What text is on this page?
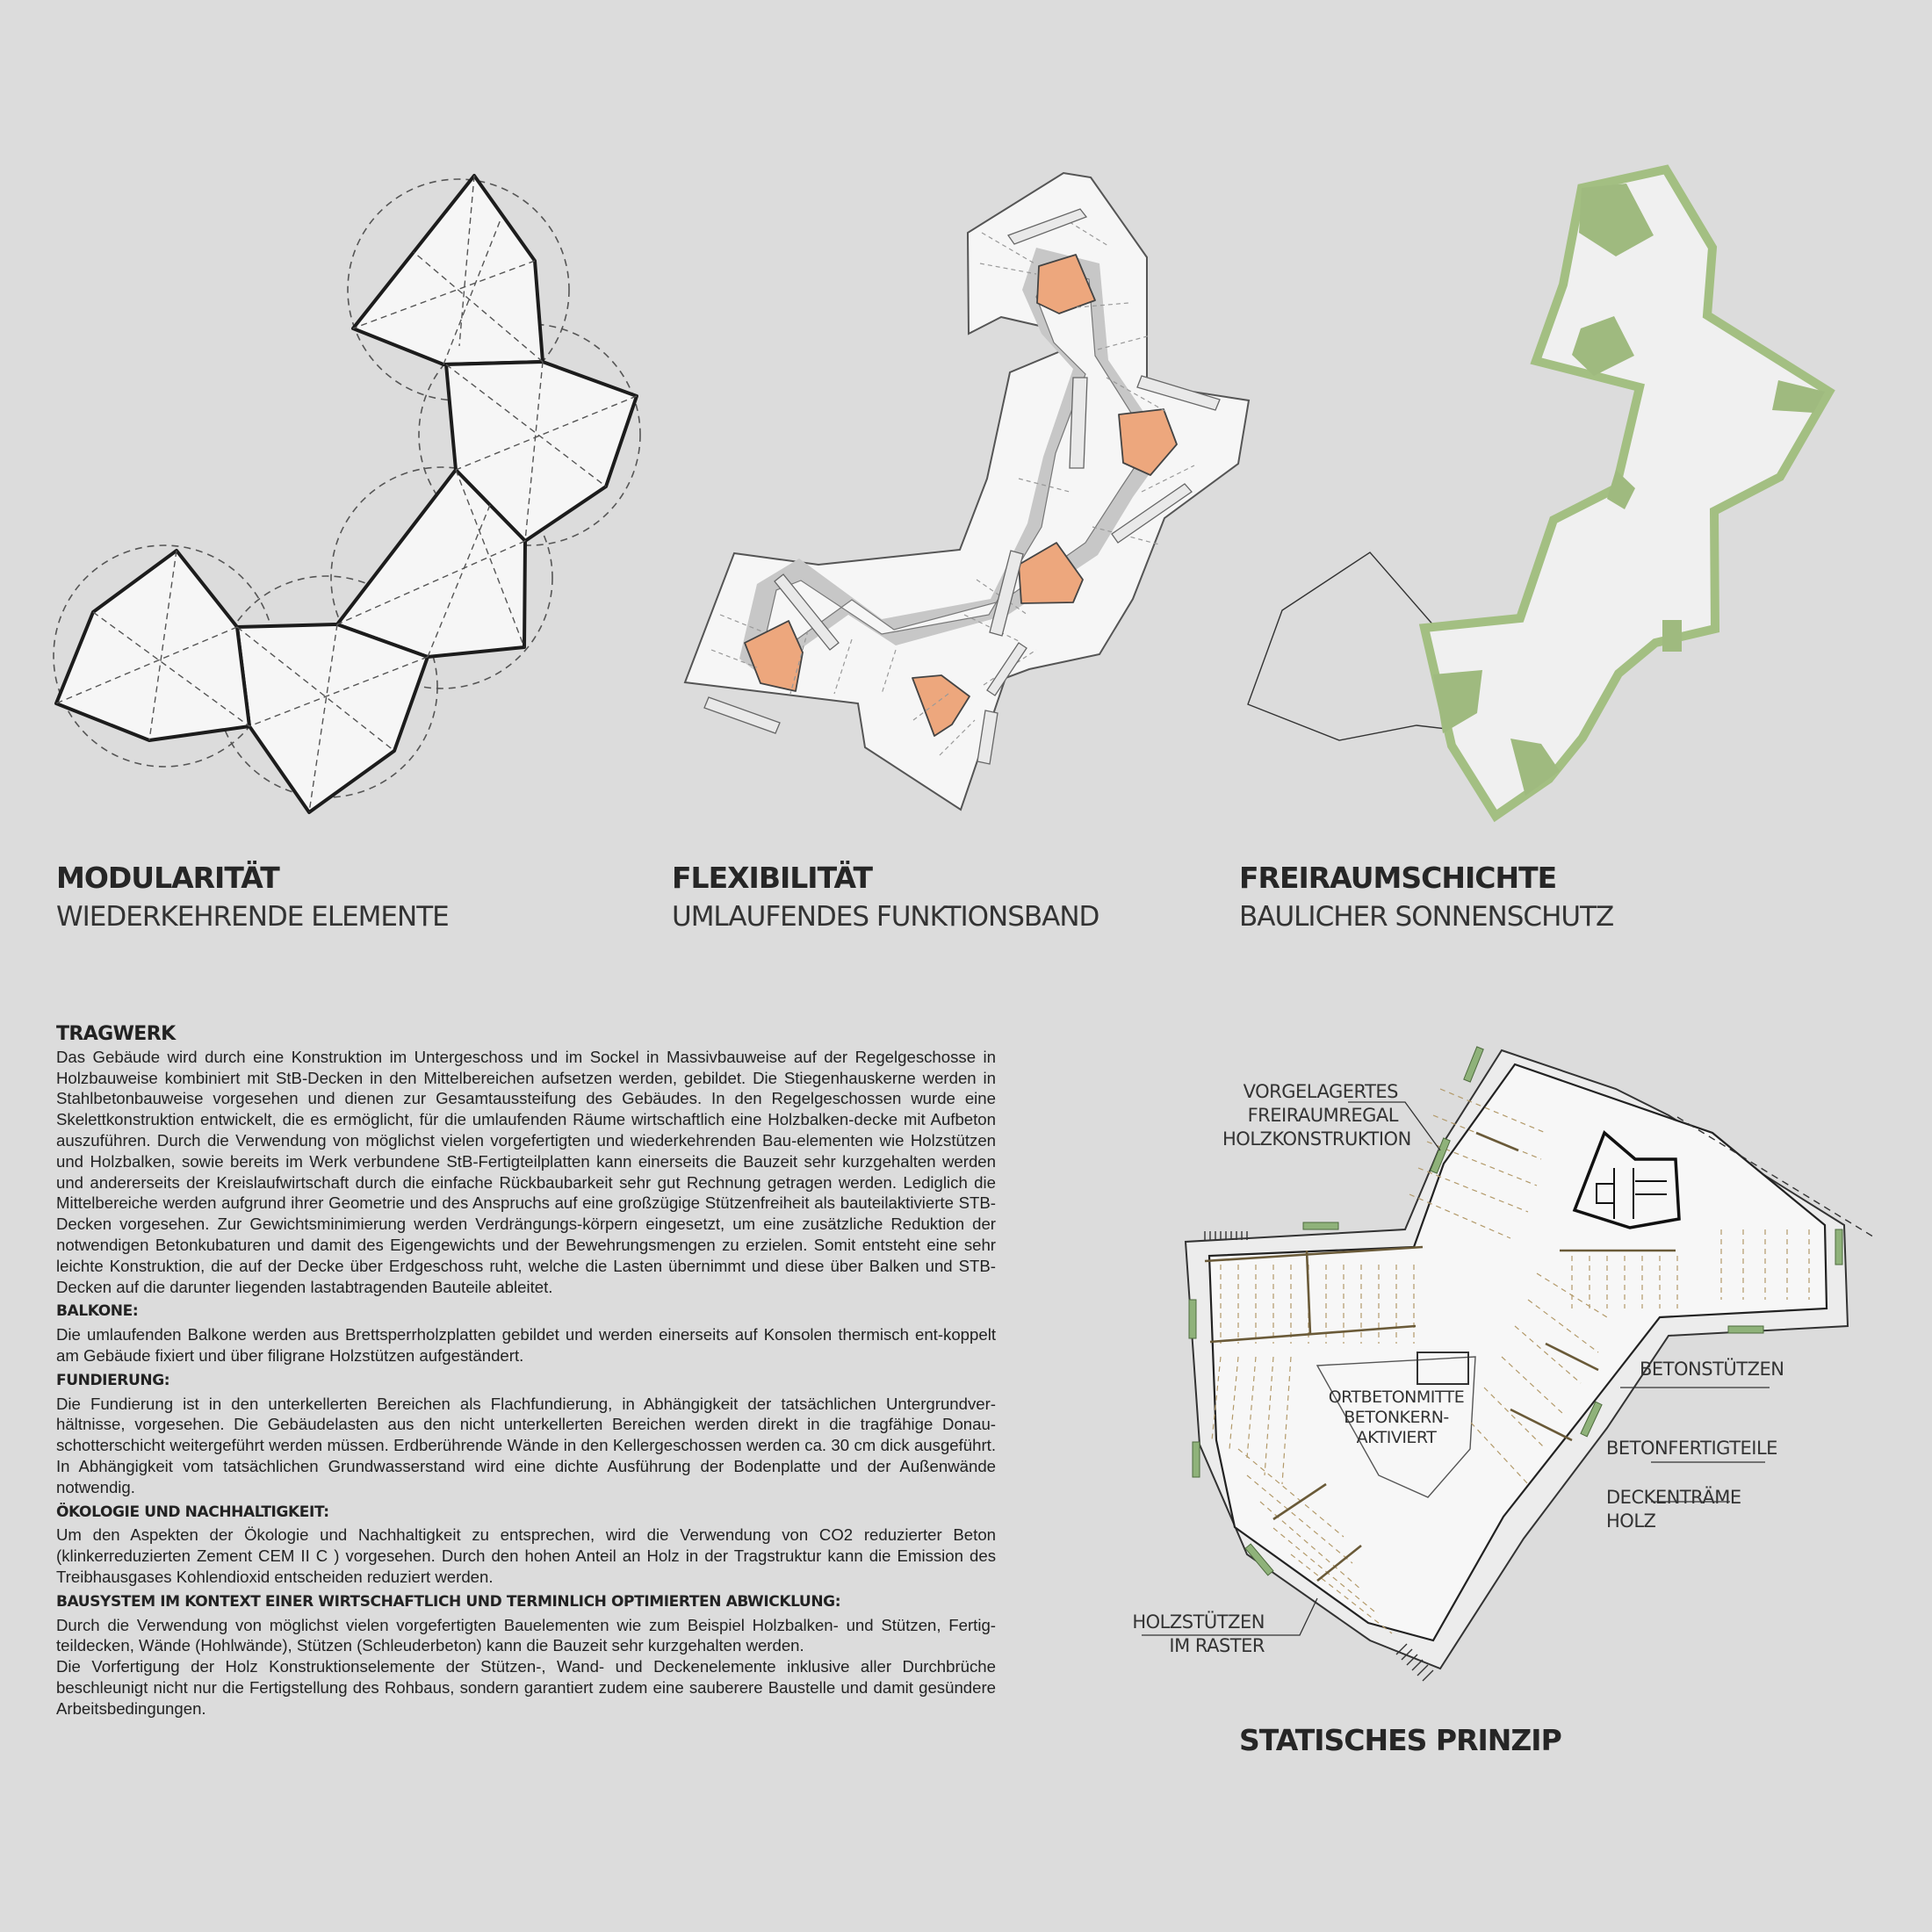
MODULARITÄT
WIEDERKEHRENDE ELEMENTE
FLEXIBILITÄT
UMLAUFENDES FUNKTIONSBAND
FREIRAUMSCHICHTE
BAULICHER SONNENSCHUTZ
TRAGWERK

Das Gebäude wird durch eine Konstruktion im Untergeschoss und im Sockel in Massivbauweise auf der Regelgeschosse in Holzbauweise kombiniert mit StB-Decken in den Mittelbereichen aufsetzen werden, gebildet. Die Stiegenhauskerne werden in Stahlbetonbauweise vorgesehen und dienen zur Gesamtaussteifung des Gebäudes. In den Regelgeschossen wurde eine Skelettkonstruktion entwickelt, die es ermöglicht, für die umlaufenden Räume wirtschaftlich eine Holzbalken-decke mit Aufbeton auszuführen. Durch die Verwendung von möglichst vielen vorgefertigten und wiederkehrenden Bau-elementen wie Holzstützen und Holzbalken, sowie bereits im Werk verbundene StB-Fertigteilplatten kann einerseits die Bauzeit sehr kurzgehalten werden und andererseits der Kreislaufwirtschaft durch die einfache Rückbaubarkeit sehr gut Rechnung getragen werden. Lediglich die Mittelbereiche werden aufgrund ihrer Geometrie und des Anspruchs auf eine großzügige Stützenfreiheit als bauteilaktivierte STB-Decken vorgesehen. Zur Gewichtsminimierung werden Verdrängungs-körpern eingesetzt, um eine zusätzliche Reduktion der notwendigen Betonkubaturen und damit des Eigengewichts und der Bewehrungsmengen zu erzielen. Somit entsteht eine sehr leichte Konstruktion, die auf der Decke über Erdgeschoss ruht, welche die Lasten übernimmt und diese über Balken und STB-Decken auf die darunter liegenden lastabtragenden Bauteile ableitet.

BALKONE:

Die umlaufenden Balkone werden aus Brettsperrholzplatten gebildet und werden einerseits auf Konsolen thermisch ent-koppelt am Gebäude fixiert und über filigrane Holzstützen aufgeständert.

FUNDIERUNG:

Die Fundierung ist in den unterkellerten Bereichen als Flachfundierung, in Abhängigkeit der tatsächlichen Untergrundver-hältnisse, vorgesehen. Die Gebäudelasten aus den nicht unterkellerten Bereichen werden direkt in die tragfähige Donau-schotterschicht weitergeführt werden müssen. Erdberührende Wände in den Kellergeschossen werden ca. 30 cm dick ausgeführt. In Abhängigkeit vom tatsächlichen Grundwasserstand wird eine dichte Ausführung der Bodenplatte und der Außenwände notwendig.

ÖKOLOGIE UND NACHHALTIGKEIT:

Um den Aspekten der Ökologie und Nachhaltigkeit zu entsprechen, wird die Verwendung von CO2 reduzierter Beton (klinkerreduzierten Zement CEM II C ) vorgesehen. Durch den hohen Anteil an Holz in der Tragstruktur kann die Emission des Treibhausgases Kohlendioxid entscheiden reduziert werden.

BAUSYSTEM IM KONTEXT EINER WIRTSCHAFTLICH UND TERMINLICH OPTIMIERTEN ABWICKLUNG:

Durch die Verwendung von möglichst vielen vorgefertigten Bauelementen wie zum Beispiel Holzbalken- und Stützen, Fertig-teildecken, Wände (Hohlwände), Stützen (Schleuderbeton) kann die Bauzeit sehr kurzgehalten werden.

Die Vorfertigung der Holz Konstruktionselemente der Stützen-, Wand- und Deckenelemente inklusive aller Durchbrüche beschleunigt nicht nur die Fertigstellung des Rohbaus, sondern garantiert zudem eine sauberere Baustelle und damit gesündere Arbeitsbedingungen.

VORGELAGERTES
FREIRAUMREGAL
HOLZKONSTRUKTION
ORTBETONMITTE
BETONKERN-
AKTIVIERT
BETONSTÜTZEN
BETONFERTIGTEILE
DECKENTRÄME
HOLZ
HOLZSTÜTZEN
IM RASTER
STATISCHES PRINZIP
